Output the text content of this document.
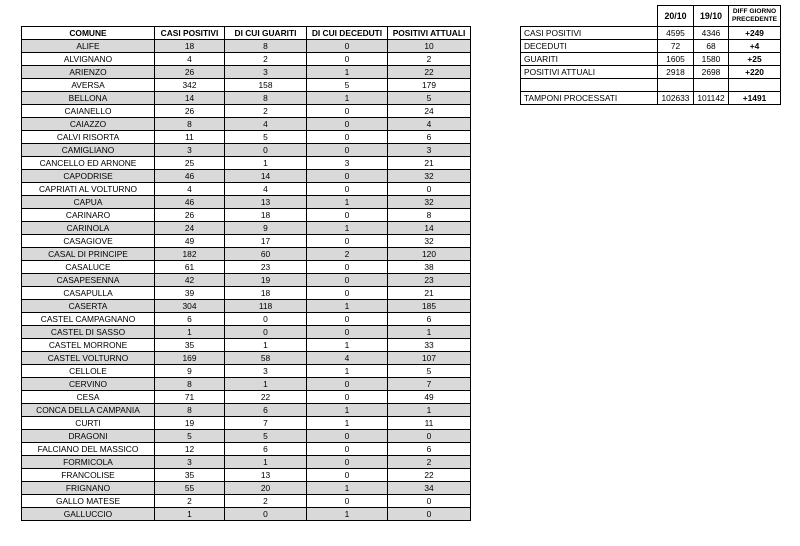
COMUNE	CASI POSITIVI	DI CUI GUARITI	DI CUI DECEDUTI	POSITIVI ATTUALI
ALIFE	18	8	0	10
ALVIGNANO	4	2	0	2
ARIENZO	26	3	1	22
AVERSA	342	158	5	179
BELLONA	14	8	1	5
CAIANELLO	26	2	0	24
CAIAZZO	8	4	0	4
CALVI RISORTA	11	5	0	6
CAMIGLIANO	3	0	0	3
CANCELLO ED ARNONE	25	1	3	21
CAPODRISE	46	14	0	32
CAPRIATI AL VOLTURNO	4	4	0	0
CAPUA	46	13	1	32
CARINARO	26	18	0	8
CARINOLA	24	9	1	14
CASAGIOVE	49	17	0	32
CASAL DI PRINCIPE	182	60	2	120
CASALUCE	61	23	0	38
CASAPESENNA	42	19	0	23
CASAPULLA	39	18	0	21
CASERTA	304	118	1	185
CASTEL CAMPAGNANO	6	0	0	6
CASTEL DI SASSO	1	0	0	1
CASTEL MORRONE	35	1	1	33
CASTEL VOLTURNO	169	58	4	107
CELLOLE	9	3	1	5
CERVINO	8	1	0	7
CESA	71	22	0	49
CONCA DELLA CAMPANIA	8	6	1	1
CURTI	19	7	1	11
DRAGONI	5	5	0	0
FALCIANO DEL MASSICO	12	6	0	6
FORMICOLA	3	1	0	2
FRANCOLISE	35	13	0	22
FRIGNANO	55	20	1	34
GALLO MATESE	2	2	0	0
GALLUCCIO	1	0	1	0
	20/10	19/10	DIFF GIORNO
PRECEDENTE

CASI POSITIVI	4595	4346	+249
DECEDUTI	72	68	+4
GUARITI	1605	1580	+25
POSITIVI ATTUALI	2918	2698	+220

TAMPONI PROCESSATI	102633	101142	+1491
